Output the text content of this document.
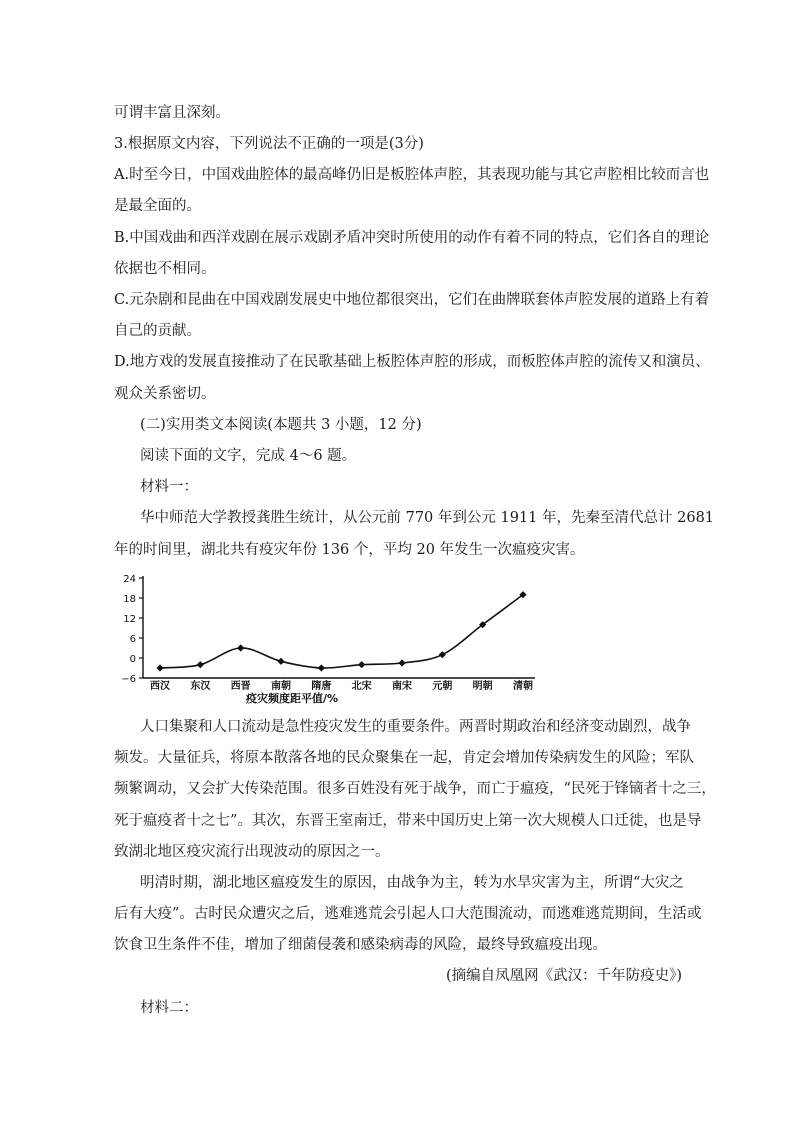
可谓丰富且深刻。
3.根据原文内容，下列说法不正确的一项是(3分)
A.时至今日，中国戏曲腔体的最高峰仍旧是板腔体声腔，其表现功能与其它声腔相比较而言也
是最全面的。
B.中国戏曲和西洋戏剧在展示戏剧矛盾冲突时所使用的动作有着不同的特点，它们各自的理论
依据也不相同。
C.元杂剧和昆曲在中国戏剧发展史中地位都很突出，它们在曲牌联套体声腔发展的道路上有着
自己的贡献。
D.地方戏的发展直接推动了在民歌基础上板腔体声腔的形成，而板腔体声腔的流传又和演员、
观众关系密切。
(二)实用类文本阅读(本题共 3 小题，12 分)
阅读下面的文字，完成 4～6 题。
材料一：
华中师范大学教授龚胜生统计，从公元前 770 年到公元 1911 年，先秦至清代总计 2681
年的时间里，湖北共有疫灾年份 136 个，平均 20 年发生一次瘟疫灾害。
24
18
12
6
0
−6
西汉 东汉 西晋 南朝 隋唐 北宋 南宋 元朝 明朝 清朝
疫灾频度距平值/%
人口集聚和人口流动是急性疫灾发生的重要条件。两晋时期政治和经济变动剧烈，战争
频发。大量征兵，将原本散落各地的民众聚集在一起，肯定会增加传染病发生的风险；军队
频繁调动，又会扩大传染范围。很多百姓没有死于战争，而亡于瘟疫，“民死于锋镝者十之三，
死于瘟疫者十之七”。其次，东晋王室南迁，带来中国历史上第一次大规模人口迁徙，也是导
致湖北地区疫灾流行出现波动的原因之一。
明清时期，湖北地区瘟疫发生的原因，由战争为主，转为水旱灾害为主，所谓“大灾之
后有大疫”。古时民众遭灾之后，逃难逃荒会引起人口大范围流动，而逃难逃荒期间，生活或
饮食卫生条件不佳，增加了细菌侵袭和感染病毒的风险，最终导致瘟疫出现。
(摘编自凤凰网《武汉：千年防疫史》)
材料二：
